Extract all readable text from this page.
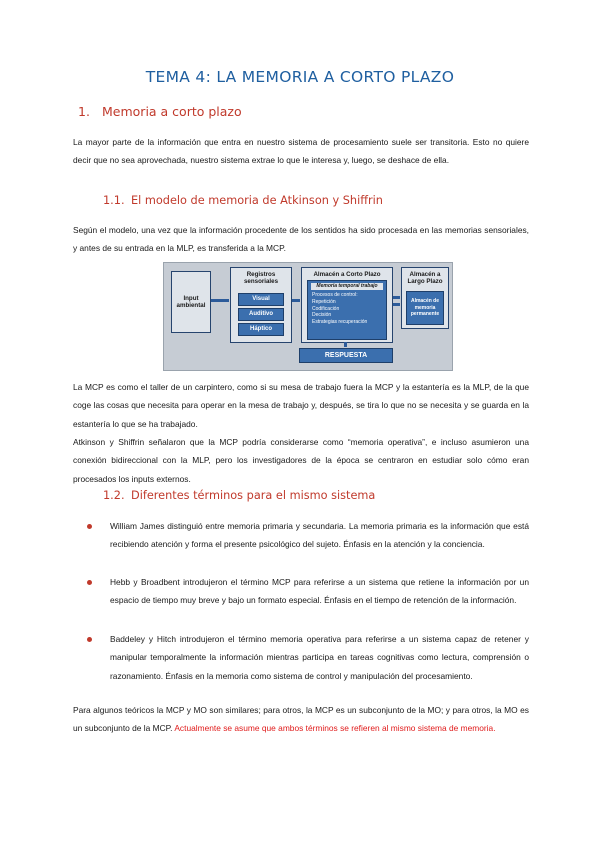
TEMA 4: LA MEMORIA A CORTO PLAZO
1. Memoria a corto plazo

La mayor parte de la información que entra en nuestro sistema de procesamiento suele ser transitoria. Esto no quiere decir que no sea aprovechada, nuestro sistema extrae lo que le interesa y, luego, se deshace de ella.

1.1. El modelo de memoria de Atkinson y Shiffrin

Según el modelo, una vez que la información procedente de los sentidos ha sido procesada en las memorias sensoriales, y antes de su entrada en la MLP, es transferida a la MCP.

Input ambiental
Registros sensoriales
Visual
Auditivo
Háptico
Almacén a Corto Plazo
Memoria temporal trabajo
Procesos de control:
Repetición
Codificación
Decisión
Estrategias recuperación
Almacén a Largo Plazo
Almacén de memoria permanente
RESPUESTA

La MCP es como el taller de un carpintero, como si su mesa de trabajo fuera la MCP y la estantería es la MLP, de la que coge las cosas que necesita para operar en la mesa de trabajo y, después, se tira lo que no se necesita y se guarda en la estantería lo que se ha trabajado.

Atkinson y Shiffrin señalaron que la MCP podría considerarse como “memoria operativa”, e incluso asumieron una conexión bidireccional con la MLP, pero los investigadores de la época se centraron en estudiar solo cómo eran procesados los inputs externos.

1.2. Diferentes términos para el mismo sistema

William James distinguió entre memoria primaria y secundaria. La memoria primaria es la información que está recibiendo atención y forma el presente psicológico del sujeto. Énfasis en la atención y la conciencia.

Hebb y Broadbent introdujeron el término MCP para referirse a un sistema que retiene la información por un espacio de tiempo muy breve y bajo un formato especial. Énfasis en el tiempo de retención de la información.

Baddeley y Hitch introdujeron el término memoria operativa para referirse a un sistema capaz de retener y manipular temporalmente la información mientras participa en tareas cognitivas como lectura, comprensión o razonamiento. Énfasis en la memoria como sistema de control y manipulación del procesamiento.

Para algunos teóricos la MCP y MO son similares; para otros, la MCP es un subconjunto de la MO; y para otros, la MO es un subconjunto de la MCP. Actualmente se asume que ambos términos se refieren al mismo sistema de memoria.
